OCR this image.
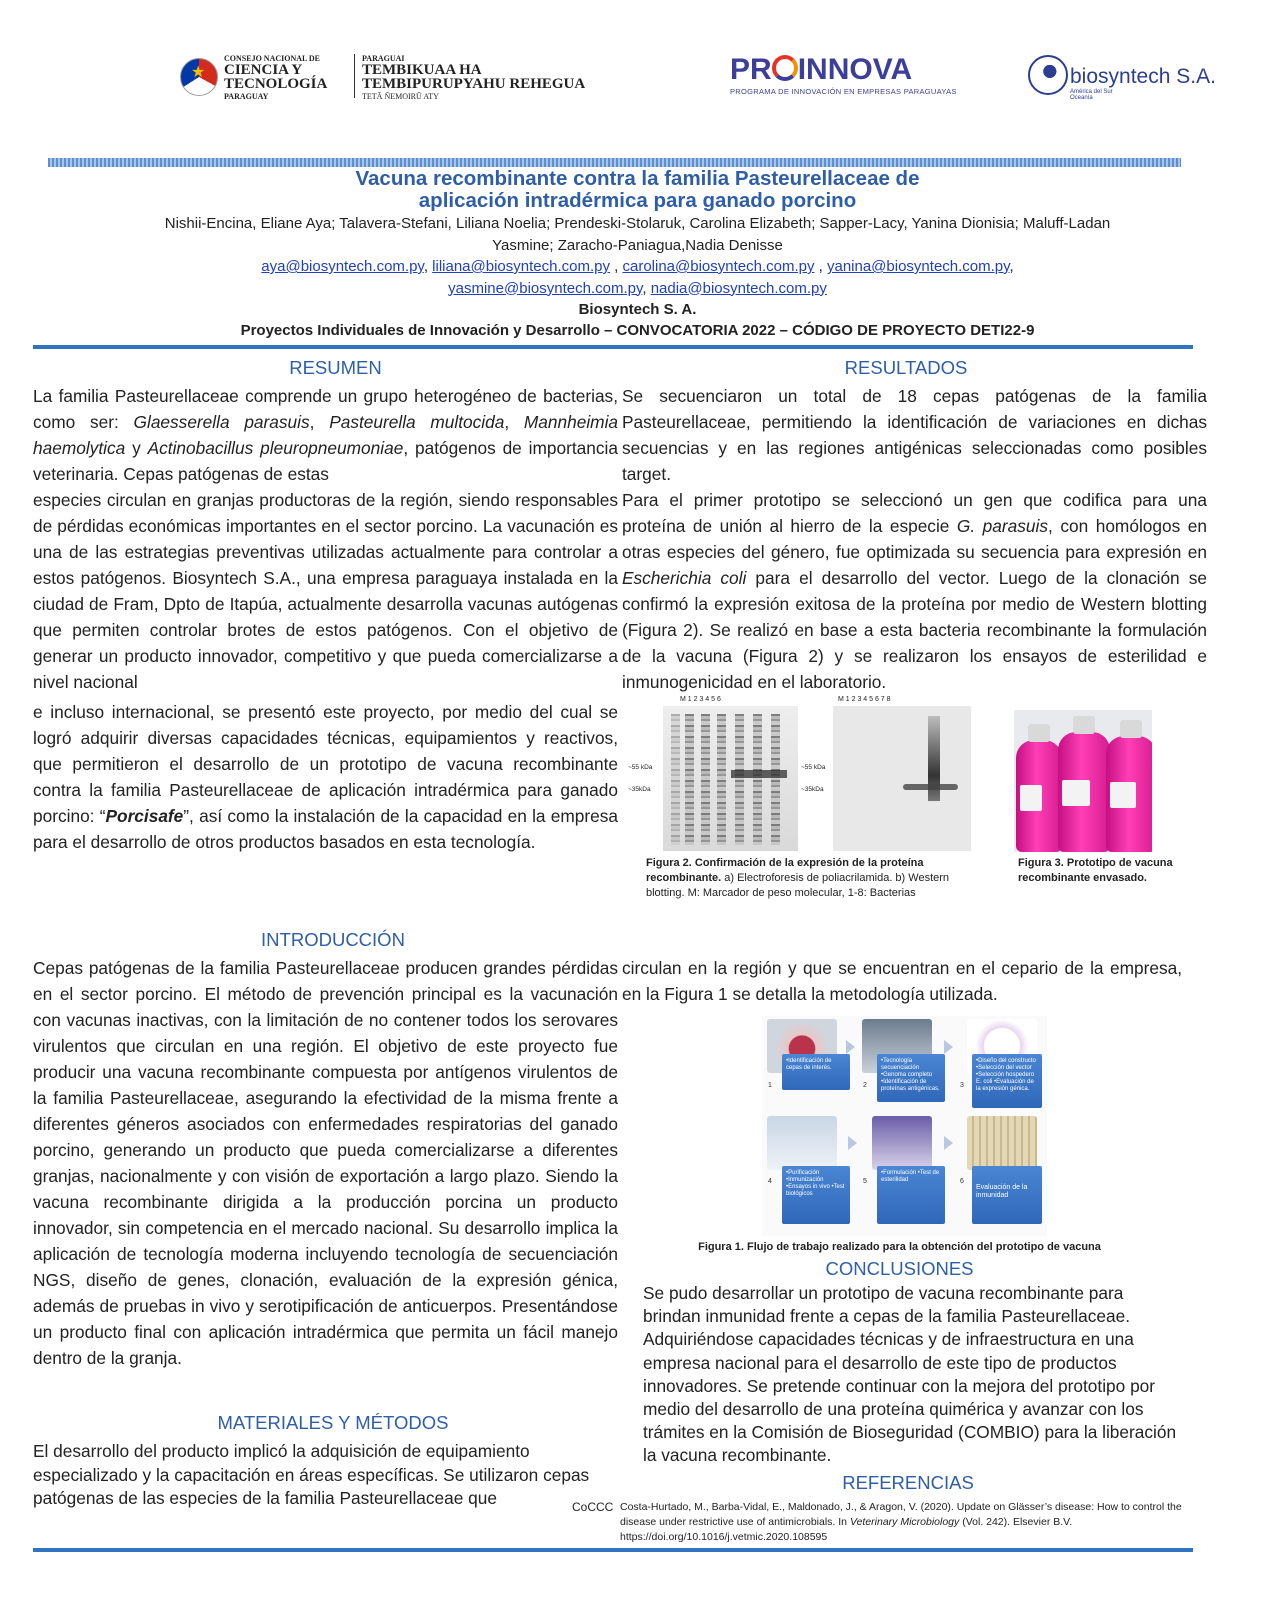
★
CONSEJO NACIONAL DE
CIENCIA Y
TECNOLOGÍA
PARAGUAY
PARAGUAI
TEMBIKUAA HA
TEMBIPURUPYAHU REHEGUA
TETÃ ÑEMOIRŨ ATY
PR INNOVA
PROGRAMA DE INNOVACIÓN EN EMPRESAS PARAGUAYAS
biosyntech S.A.
América del Sur Oceanía
Vacuna recombinante contra la familia Pasteurellaceae de
aplicación intradérmica para ganado porcino
Nishii-Encina, Eliane Aya; Talavera-Stefani, Liliana Noelia; Prendeski-Stolaruk, Carolina Elizabeth; Sapper-Lacy, Yanina Dionisia; Maluff-Ladan
Yasmine; Zaracho-Paniagua,Nadia Denisse
aya@biosyntech.com.py, liliana@biosyntech.com.py , carolina@biosyntech.com.py , yanina@biosyntech.com.py,
yasmine@biosyntech.com.py, nadia@biosyntech.com.py
Biosyntech S. A.
Proyectos Individuales de Innovación y Desarrollo – CONVOCATORIA 2022 – CÓDIGO DE PROYECTO DETI22-9
RESUMEN

La familia Pasteurellaceae comprende un grupo heterogéneo de bacterias, como ser: Glaesserella parasuis, Pasteurella multocida, Mannheimia haemolytica y Actinobacillus pleuropneumoniae, patógenos de importancia veterinaria. Cepas patógenas de estas

especies circulan en granjas productoras de la región, siendo responsables de pérdidas económicas importantes en el sector porcino. La vacunación es una de las estrategias preventivas utilizadas actualmente para controlar a estos patógenos. Biosyntech S.A., una empresa paraguaya instalada en la ciudad de Fram, Dpto de Itapúa, actualmente desarrolla vacunas autógenas que permiten controlar brotes de estos patógenos. Con el objetivo de generar un producto innovador, competitivo y que pueda comercializarse a nivel nacional

e incluso internacional, se presentó este proyecto, por medio del cual se logró adquirir diversas capacidades técnicas, equipamientos y reactivos, que permitieron el desarrollo de un prototipo de vacuna recombinante contra la familia Pasteurellaceae de aplicación intradérmica para ganado porcino: “Porcisafe”, así como la instalación de la capacidad en la empresa para el desarrollo de otros productos basados en esta tecnología.

RESULTADOS

Se secuenciaron un total de 18 cepas patógenas de la familia Pasteurellaceae, permitiendo la identificación de variaciones en dichas secuencias y en las regiones antigénicas seleccionadas como posibles target.

Para el primer prototipo se seleccionó un gen que codifica para una proteína de unión al hierro de la especie G. parasuis, con homólogos en otras especies del género, fue optimizada su secuencia para expresión en Escherichia coli para el desarrollo del vector. Luego de la clonación se confirmó la expresión exitosa de la proteína por medio de Western blotting (Figura 2). Se realizó en base a esta bacteria recombinante la formulación de la vacuna (Figura 2) y se realizaron los ensayos de esterilidad e inmunogenicidad en el laboratorio.

M 1 2 3 4 5 6
~55 kDa
~35kDa
M 1 2 3 4 5 6 7 8
~55 kDa
~35kDa
Figura 2. Confirmación de la expresión de la proteína recombinante. a) Electroforesis de poliacrilamida. b) Western blotting. M: Marcador de peso molecular, 1-8: Bacterias
Figura 3. Prototipo de vacuna recombinante envasado.
INTRODUCCIÓN
Cepas patógenas de la familia Pasteurellaceae producen grandes pérdidas en el sector porcino. El método de prevención principal es la vacunación con vacunas inactivas, con la limitación de no contener todos los serovares virulentos que circulan en una región. El objetivo de este proyecto fue producir una vacuna recombinante compuesta por antígenos virulentos de la familia Pasteurellaceae, asegurando la efectividad de la misma frente a diferentes géneros asociados con enfermedades respiratorias del ganado porcino, generando un producto que pueda comercializarse a diferentes granjas, nacionalmente y con visión de exportación a largo plazo. Siendo la vacuna recombinante dirigida a la producción porcina un producto innovador, sin competencia en el mercado nacional. Su desarrollo implica la aplicación de tecnología moderna incluyendo tecnología de secuenciación NGS, diseño de genes, clonación, evaluación de la expresión génica, además de pruebas in vivo y serotipificación de anticuerpos. Presentándose un producto final con aplicación intradérmica que permita un fácil manejo dentro de la granja.
circulan en la región y que se encuentran en el cepario de la empresa, en la Figura 1 se detalla la metodología utilizada.
•Identificación de cepas de interés.
1
•Tecnología secuenciación •Genoma completo •Identificación de proteínas antigénicas.
2
•Diseño del constructo •Selección del vector •Selección hospedero E. coli •Evaluación de la expresión génica.
3
•Purificación •Inmunización •Ensayos in vivo •Test biológicos
4
•Formulación •Test de esterilidad
5
Evaluación de la inmunidad
6
Figura 1. Flujo de trabajo realizado para la obtención del prototipo de vacuna
CONCLUSIONES
Se pudo desarrollar un prototipo de vacuna recombinante para brindan inmunidad frente a cepas de la familia Pasteurellaceae. Adquiriéndose capacidades técnicas y de infraestructura en una empresa nacional para el desarrollo de este tipo de productos innovadores. Se pretende continuar con la mejora del prototipo por medio del desarrollo de una proteína quimérica y avanzar con los trámites en la Comisión de Bioseguridad (COMBIO) para la liberación la vacuna recombinante.
MATERIALES Y MÉTODOS
El desarrollo del producto implicó la adquisición de equipamiento especializado y la capacitación en áreas específicas. Se utilizaron cepas patógenas de las especies de la familia Pasteurellaceae que
REFERENCIAS
CoCCC Costa-Hurtado, M., Barba-Vidal, E., Maldonado, J., & Aragon, V. (2020). Update on Glässer’s disease: How to control the disease under restrictive use of antimicrobials. In Veterinary Microbiology (Vol. 242). Elsevier B.V.
https://doi.org/10.1016/j.vetmic.2020.108595
